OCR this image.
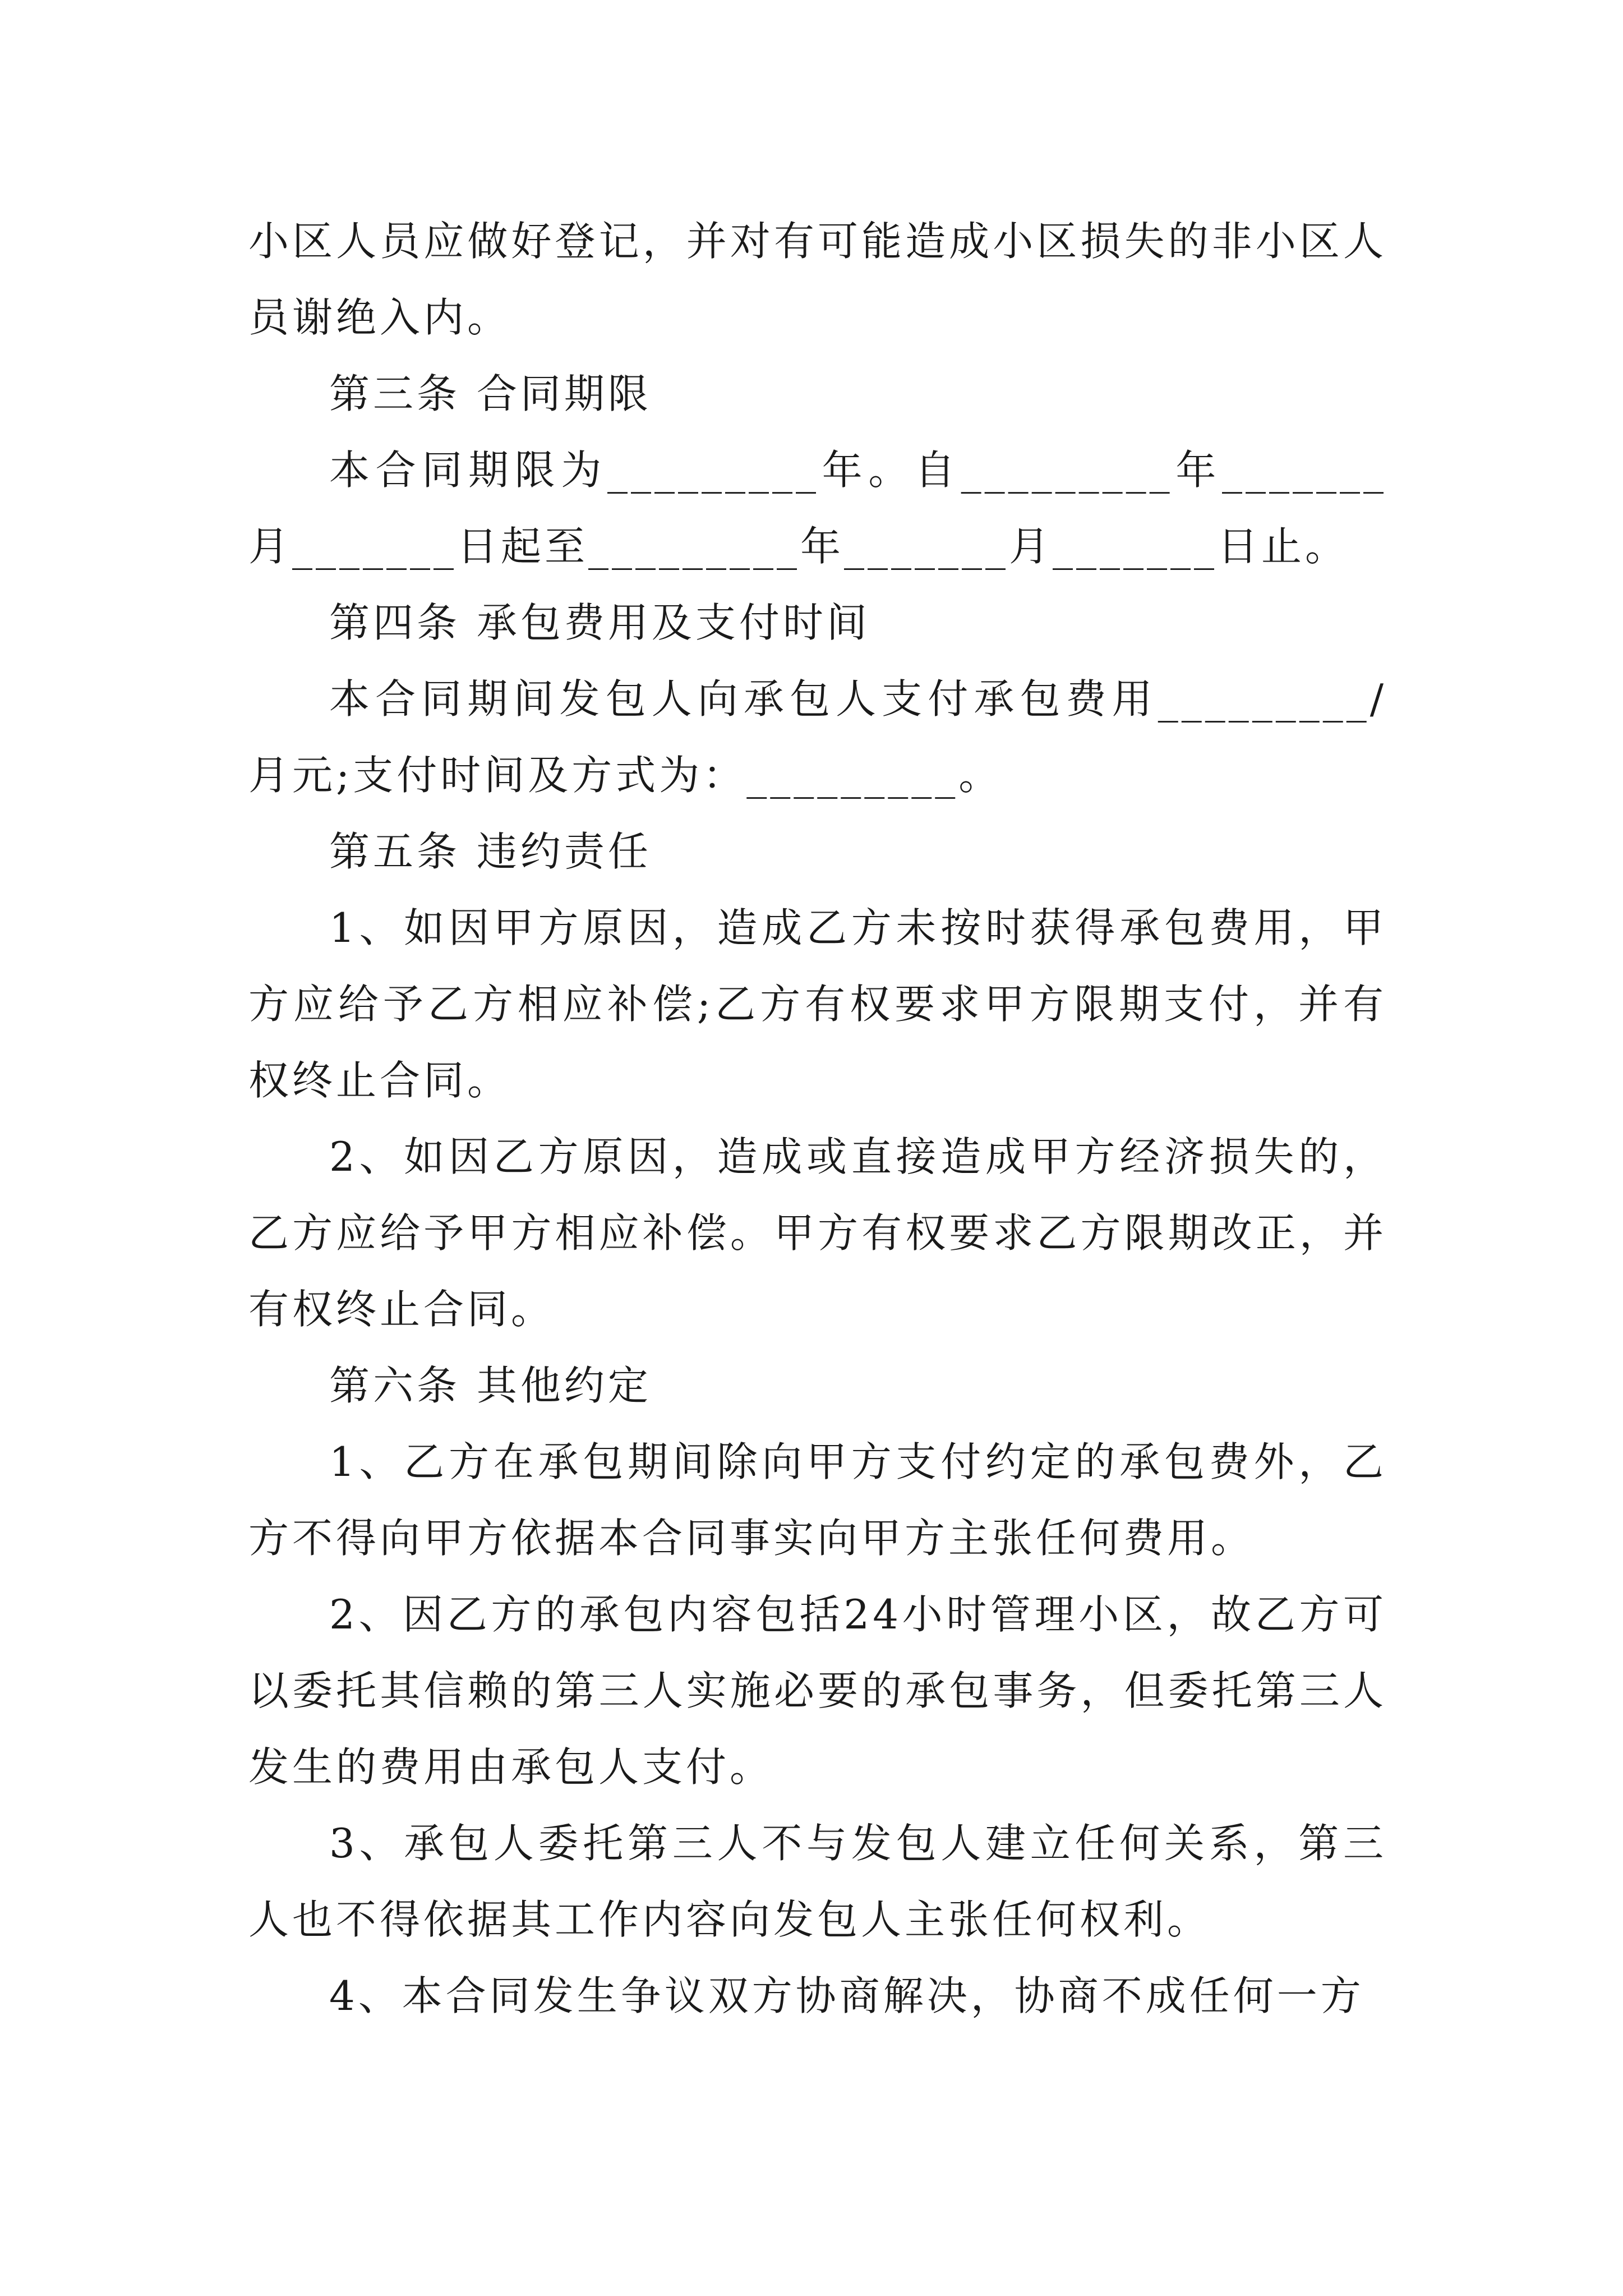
小区人员应做好登记，并对有可能造成小区损失的非小区人员谢绝入内。

第三条 合同期限

本合同期限为_________年。自_________年_______月_______日起至_________年_______月_______日止。

第四条 承包费用及支付时间

本合同期间发包人向承包人支付承包费用_________/月元;支付时间及方式为：_________。

第五条 违约责任

1、如因甲方原因，造成乙方未按时获得承包费用，甲方应给予乙方相应补偿;乙方有权要求甲方限期支付，并有权终止合同。

2、如因乙方原因，造成或直接造成甲方经济损失的，乙方应给予甲方相应补偿。甲方有权要求乙方限期改正，并有权终止合同。

第六条 其他约定

1、乙方在承包期间除向甲方支付约定的承包费外，乙方不得向甲方依据本合同事实向甲方主张任何费用。

2、因乙方的承包内容包括24小时管理小区，故乙方可以委托其信赖的第三人实施必要的承包事务，但委托第三人发生的费用由承包人支付。

3、承包人委托第三人不与发包人建立任何关系，第三人也不得依据其工作内容向发包人主张任何权利。

4、本合同发生争议双方协商解决，协商不成任何一方
